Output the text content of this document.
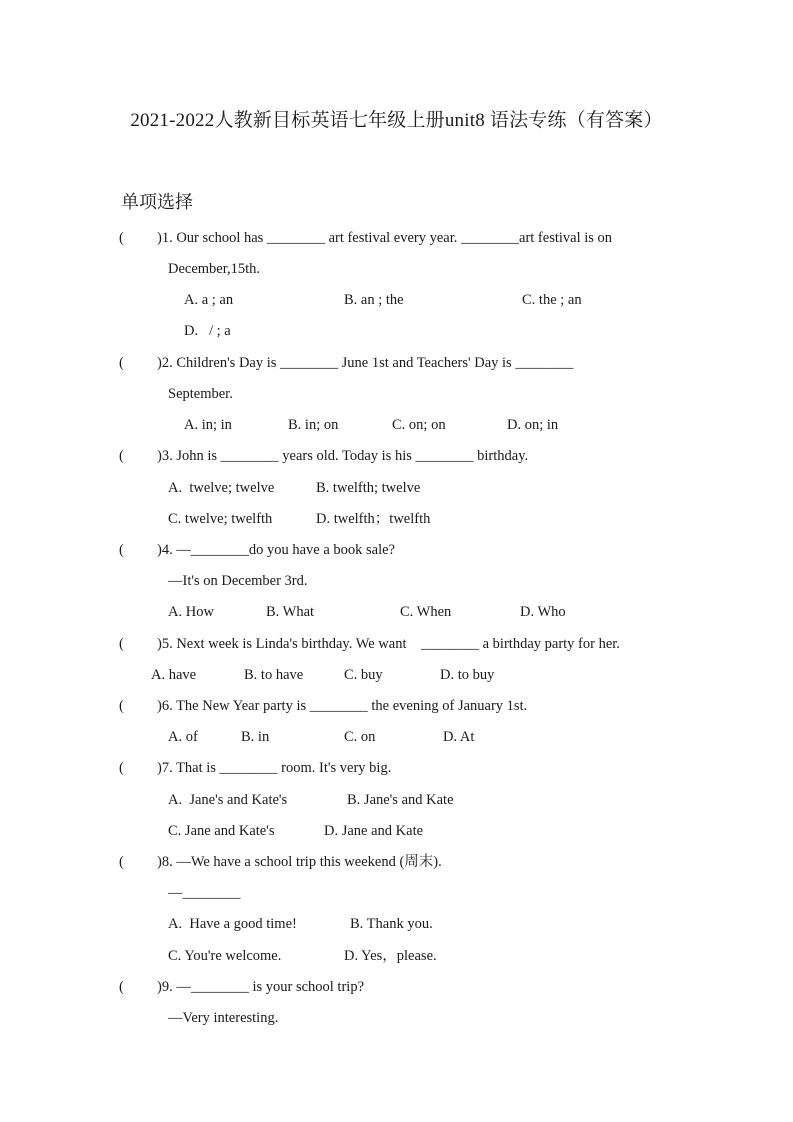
2021-2022人教新目标英语七年级上册unit8 语法专练（有答案）
单项选择
( )1. Our school has ________ art festival every year. ________art festival is on
December,15th.
A. a ; an	B. an ; the	C. the ; an
D.   / ; a
( )2. Children's Day is ________ June 1st and Teachers' Day is ________
September.
A. in; in	B. in; on	C. on; on	D. on; in
( )3. John is ________ years old. Today is his ________ birthday.
A.  twelve; twelve	B. twelfth; twelve
C. twelve; twelfth	D. twelfth；twelfth
( )4. —________do you have a book sale?
—It's on December 3rd.
A. How	B. What	C. When	D. Who
( )5. Next week is Linda's birthday. We want    ________ a birthday party for her.
A. have	B. to have	C. buy	D. to buy
( )6. The New Year party is ________ the evening of January 1st.
A. of	B. in	C. on	D. At
( )7. That is ________ room. It's very big.
A.  Jane's and Kate's	B. Jane's and Kate
C. Jane and Kate's	D. Jane and Kate
( )8. —We have a school trip this weekend (周末).
—________
A.  Have a good time!	B. Thank you.
C. You're welcome.	D. Yes，please.
( )9. —________ is your school trip?
—Very interesting.
